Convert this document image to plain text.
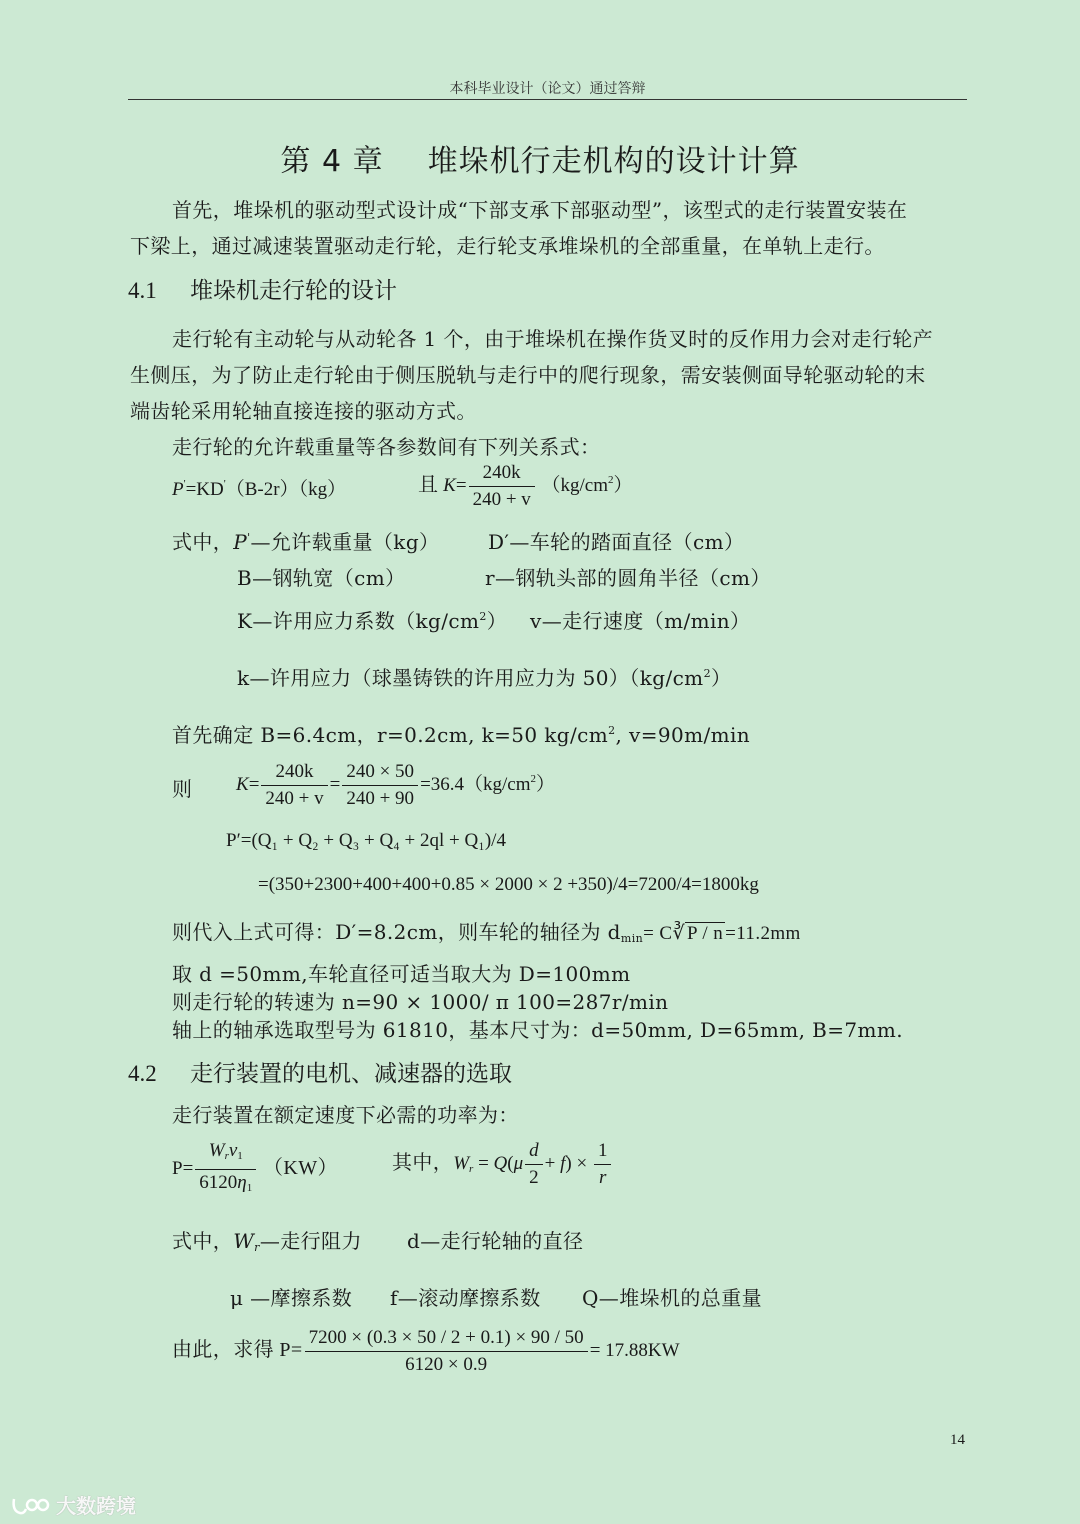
本科毕业设计（论文）通过答辩
第 4 章 堆垛机行走机构的设计计算
首先，堆垛机的驱动型式设计成“下部支承下部驱动型”，该型式的走行装置安装在
下梁上，通过减速装置驱动走行轮，走行轮支承堆垛机的全部重量，在单轨上走行。
4.1 堆垛机走行轮的设计
走行轮有主动轮与从动轮各 1 个，由于堆垛机在操作货叉时的反作用力会对走行轮产
生侧压，为了防止走行轮由于侧压脱轨与走行中的爬行现象，需安装侧面导轮驱动轮的末
端齿轮采用轮轴直接连接的驱动方式。
走行轮的允许载重量等各参数间有下列关系式：
P'=KD'（B-2r）（kg）	且 $K= \frac{240k}{240 + v} (kg/cm^2)$
式中，P'—允许载重量（kg） D′—车轮的踏面直径（cm）
B—钢轨宽（cm）	r—钢轨头部的圆角半径（cm）
K—许用应力系数$(kg/cm^2)$ v—走行速度（m/min）
k—许用应力（球墨铸铁的许用应力为 $50)(kg/cm^2)$
首先确定 B=6.4cm，r=0.2cm, k=50 $kg/cm^2$, v=90m/min
则 $K= \frac{240k}{240 + v} = \frac{240 \times 50}{240 + 90} =36.4(kg/cm^2)$
P′=(Q₁ + Q₂ + Q₃ + Q₄ + 2ql + Q₁)/4
=(350+2300+400+400+0.85 × 2000 × 2 +350)/4=7200/4=1800kg
则代入上式可得：D′=8.2cm，则车轮的轴径为 $d_{min}=$ C∛ P / n =11.2mm
取 d =50mm,车轮直径可适当取大为 D=100mm
则走行轮的转速为 n=90 × 1000/ π 100=287r/min
轴上的轴承选取型号为 61810，基本尺寸为：d=50mm, D=65mm, B=7mm.
4.2 走行装置的电机、减速器的选取
走行装置在额定速度下必需的功率为：
$P= \frac{W_rv_1}{6120\eta_1} (KW)$	其中，$W_r = Q(\mu \frac{d}{2} + f) \times \frac{1}{r}$
式中，$W_r—$走行阻力 d—走行轮轴的直径
μ —摩擦系数 f—滚动摩擦系数 Q—堆垛机的总重量
由此，求得 $P= \frac{7200 \times (0.3 \times 50 / 2 + 0.1) \times 90 / 50}{6120 \times 0.9} = 17.88KW$
14
大数跨境
